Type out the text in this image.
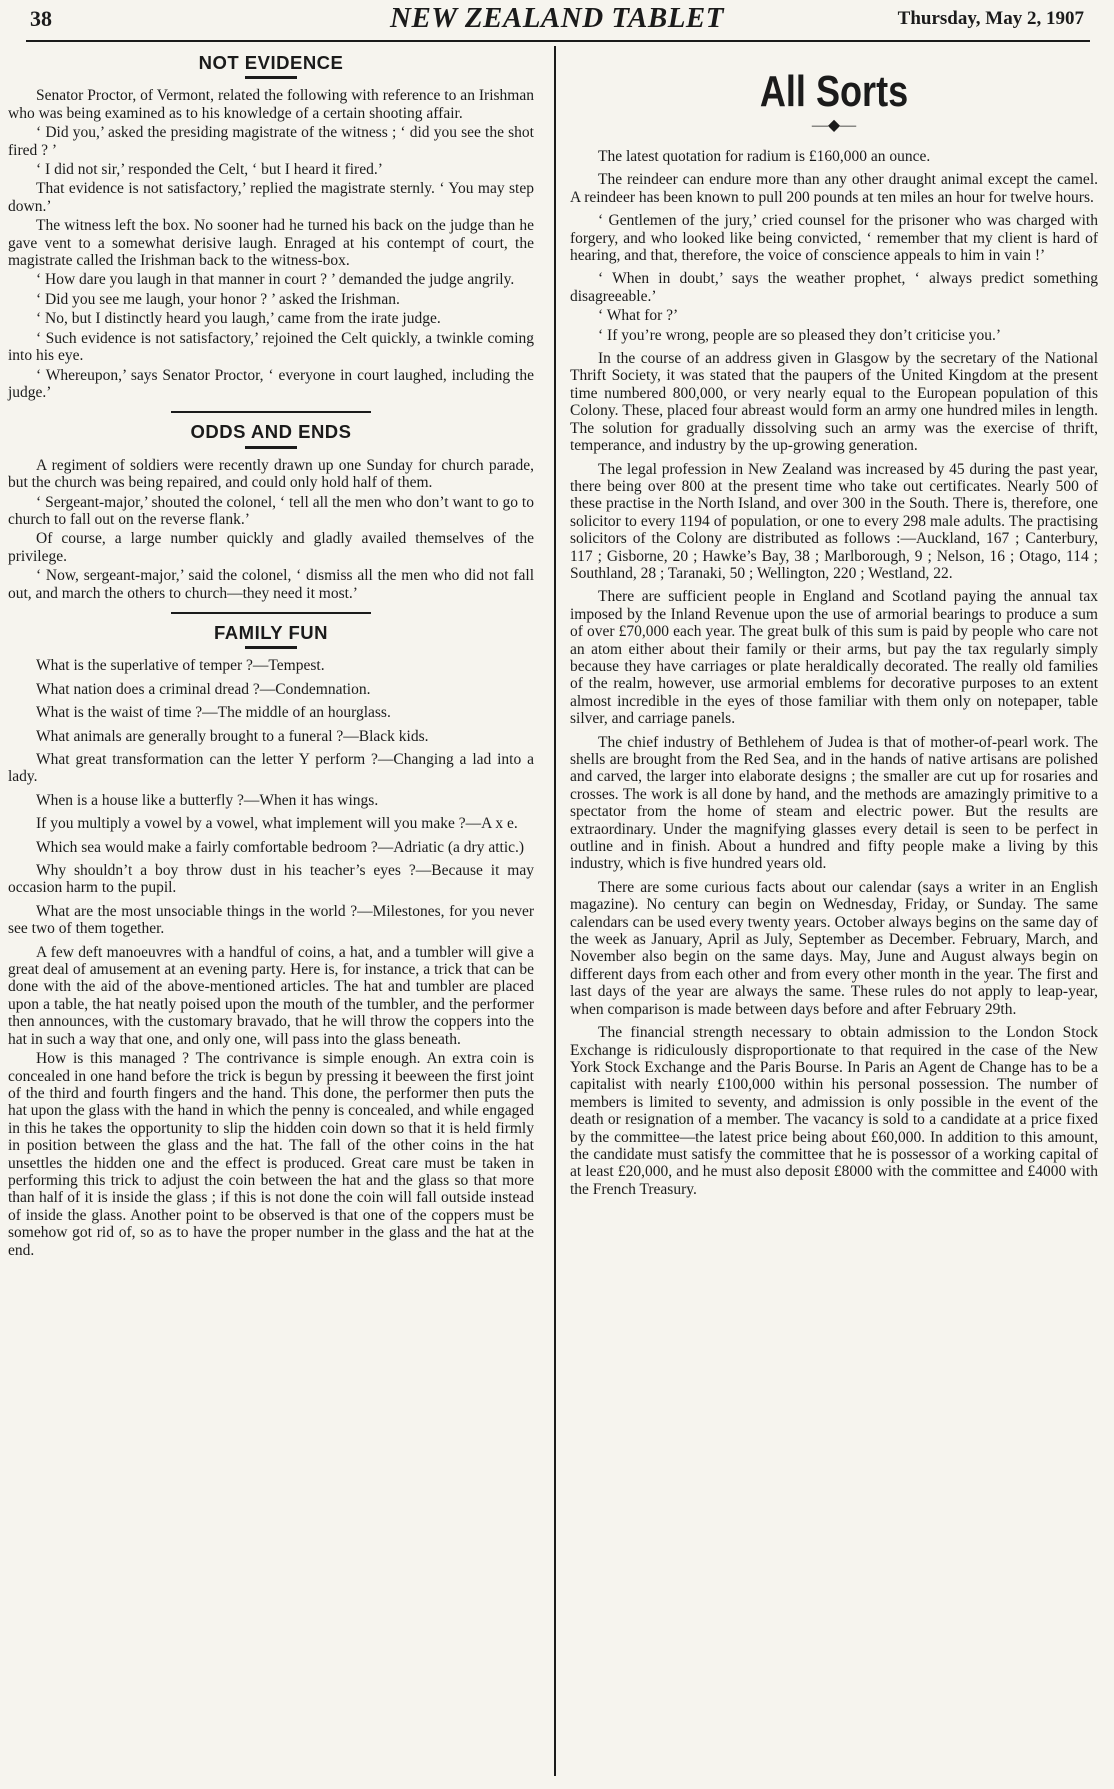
38	NEW ZEALAND TABLET	Thursday, May 2, 1907
NOT EVIDENCE

Senator Proctor, of Vermont, related the following with reference to an Irishman who was being examined as to his knowledge of a certain shooting affair.

‘ Did you,’ asked the presiding magistrate of the witness ; ‘ did you see the shot fired ? ’

‘ I did not sir,’ responded the Celt, ‘ but I heard it fired.’

That evidence is not satisfactory,’ replied the magistrate sternly. ‘ You may step down.’

The witness left the box. No sooner had he turned his back on the judge than he gave vent to a somewhat derisive laugh. Enraged at his contempt of court, the magistrate called the Irishman back to the witness-box.

‘ How dare you laugh in that manner in court ? ’ demanded the judge angrily.

‘ Did you see me laugh, your honor ? ’ asked the Irishman.

‘ No, but I distinctly heard you laugh,’ came from the irate judge.

‘ Such evidence is not satisfactory,’ rejoined the Celt quickly, a twinkle coming into his eye.

‘ Whereupon,’ says Senator Proctor, ‘ everyone in court laughed, including the judge.’

ODDS AND ENDS

A regiment of soldiers were recently drawn up one Sunday for church parade, but the church was being repaired, and could only hold half of them.

‘ Sergeant-major,’ shouted the colonel, ‘ tell all the men who don’t want to go to church to fall out on the reverse flank.’

Of course, a large number quickly and gladly availed themselves of the privilege.

‘ Now, sergeant-major,’ said the colonel, ‘ dismiss all the men who did not fall out, and march the others to church—they need it most.’

FAMILY FUN

What is the superlative of temper ?—Tempest.

What nation does a criminal dread ?—Condemnation.

What is the waist of time ?—The middle of an hourglass.

What animals are generally brought to a funeral ?—Black kids.

What great transformation can the letter Y perform ?—Changing a lad into a lady.

When is a house like a butterfly ?—When it has wings.

If you multiply a vowel by a vowel, what implement will you make ?—A x e.

Which sea would make a fairly comfortable bedroom ?—Adriatic (a dry attic.)

Why shouldn’t a boy throw dust in his teacher’s eyes ?—Because it may occasion harm to the pupil.

What are the most unsociable things in the world ?—Milestones, for you never see two of them together.

A few deft manoeuvres with a handful of coins, a hat, and a tumbler will give a great deal of amusement at an evening party. Here is, for instance, a trick that can be done with the aid of the above-mentioned articles. The hat and tumbler are placed upon a table, the hat neatly poised upon the mouth of the tumbler, and the performer then announces, with the customary bravado, that he will throw the coppers into the hat in such a way that one, and only one, will pass into the glass beneath.

How is this managed ? The contrivance is simple enough. An extra coin is concealed in one hand before the trick is begun by pressing it beeween the first joint of the third and fourth fingers and the hand. This done, the performer then puts the hat upon the glass with the hand in which the penny is concealed, and while engaged in this he takes the opportunity to slip the hidden coin down so that it is held firmly in position between the glass and the hat. The fall of the other coins in the hat unsettles the hidden one and the effect is produced. Great care must be taken in performing this trick to adjust the coin between the hat and the glass so that more than half of it is inside the glass ; if this is not done the coin will fall outside instead of inside the glass. Another point to be observed is that one of the coppers must be somehow got rid of, so as to have the proper number in the glass and the hat at the end.

All Sorts
—◆—

The latest quotation for radium is £160,000 an ounce.

The reindeer can endure more than any other draught animal except the camel. A reindeer has been known to pull 200 pounds at ten miles an hour for twelve hours.

‘ Gentlemen of the jury,’ cried counsel for the prisoner who was charged with forgery, and who looked like being convicted, ‘ remember that my client is hard of hearing, and that, therefore, the voice of conscience appeals to him in vain !’

‘ When in doubt,’ says the weather prophet, ‘ always predict something disagreeable.’

‘ What for ?’

‘ If you’re wrong, people are so pleased they don’t criticise you.’

In the course of an address given in Glasgow by the secretary of the National Thrift Society, it was stated that the paupers of the United Kingdom at the present time numbered 800,000, or very nearly equal to the European population of this Colony. These, placed four abreast would form an army one hundred miles in length. The solution for gradually dissolving such an army was the exercise of thrift, temperance, and industry by the up-growing generation.

The legal profession in New Zealand was increased by 45 during the past year, there being over 800 at the present time who take out certificates. Nearly 500 of these practise in the North Island, and over 300 in the South. There is, therefore, one solicitor to every 1194 of population, or one to every 298 male adults. The practising solicitors of the Colony are distributed as follows :—Auckland, 167 ; Canterbury, 117 ; Gisborne, 20 ; Hawke’s Bay, 38 ; Marlborough, 9 ; Nelson, 16 ; Otago, 114 ; Southland, 28 ; Taranaki, 50 ; Wellington, 220 ; Westland, 22.

There are sufficient people in England and Scotland paying the annual tax imposed by the Inland Revenue upon the use of armorial bearings to produce a sum of over £70,000 each year. The great bulk of this sum is paid by people who care not an atom either about their family or their arms, but pay the tax regularly simply because they have carriages or plate heraldically decorated. The really old families of the realm, however, use armorial emblems for decorative purposes to an extent almost incredible in the eyes of those familiar with them only on notepaper, table silver, and carriage panels.

The chief industry of Bethlehem of Judea is that of mother-of-pearl work. The shells are brought from the Red Sea, and in the hands of native artisans are polished and carved, the larger into elaborate designs ; the smaller are cut up for rosaries and crosses. The work is all done by hand, and the methods are amazingly primitive to a spectator from the home of steam and electric power. But the results are extraordinary. Under the magnifying glasses every detail is seen to be perfect in outline and in finish. About a hundred and fifty people make a living by this industry, which is five hundred years old.

There are some curious facts about our calendar (says a writer in an English magazine). No century can begin on Wednesday, Friday, or Sunday. The same calendars can be used every twenty years. October always begins on the same day of the week as January, April as July, September as December. February, March, and November also begin on the same days. May, June and August always begin on different days from each other and from every other month in the year. The first and last days of the year are always the same. These rules do not apply to leap-year, when comparison is made between days before and after February 29th.

The financial strength necessary to obtain admission to the London Stock Exchange is ridiculously disproportionate to that required in the case of the New York Stock Exchange and the Paris Bourse. In Paris an Agent de Change has to be a capitalist with nearly £100,000 within his personal possession. The number of members is limited to seventy, and admission is only possible in the event of the death or resignation of a member. The vacancy is sold to a candidate at a price fixed by the committee—the latest price being about £60,000. In addition to this amount, the candidate must satisfy the committee that he is possessor of a working capital of at least £20,000, and he must also deposit £8000 with the committee and £4000 with the French Treasury.
